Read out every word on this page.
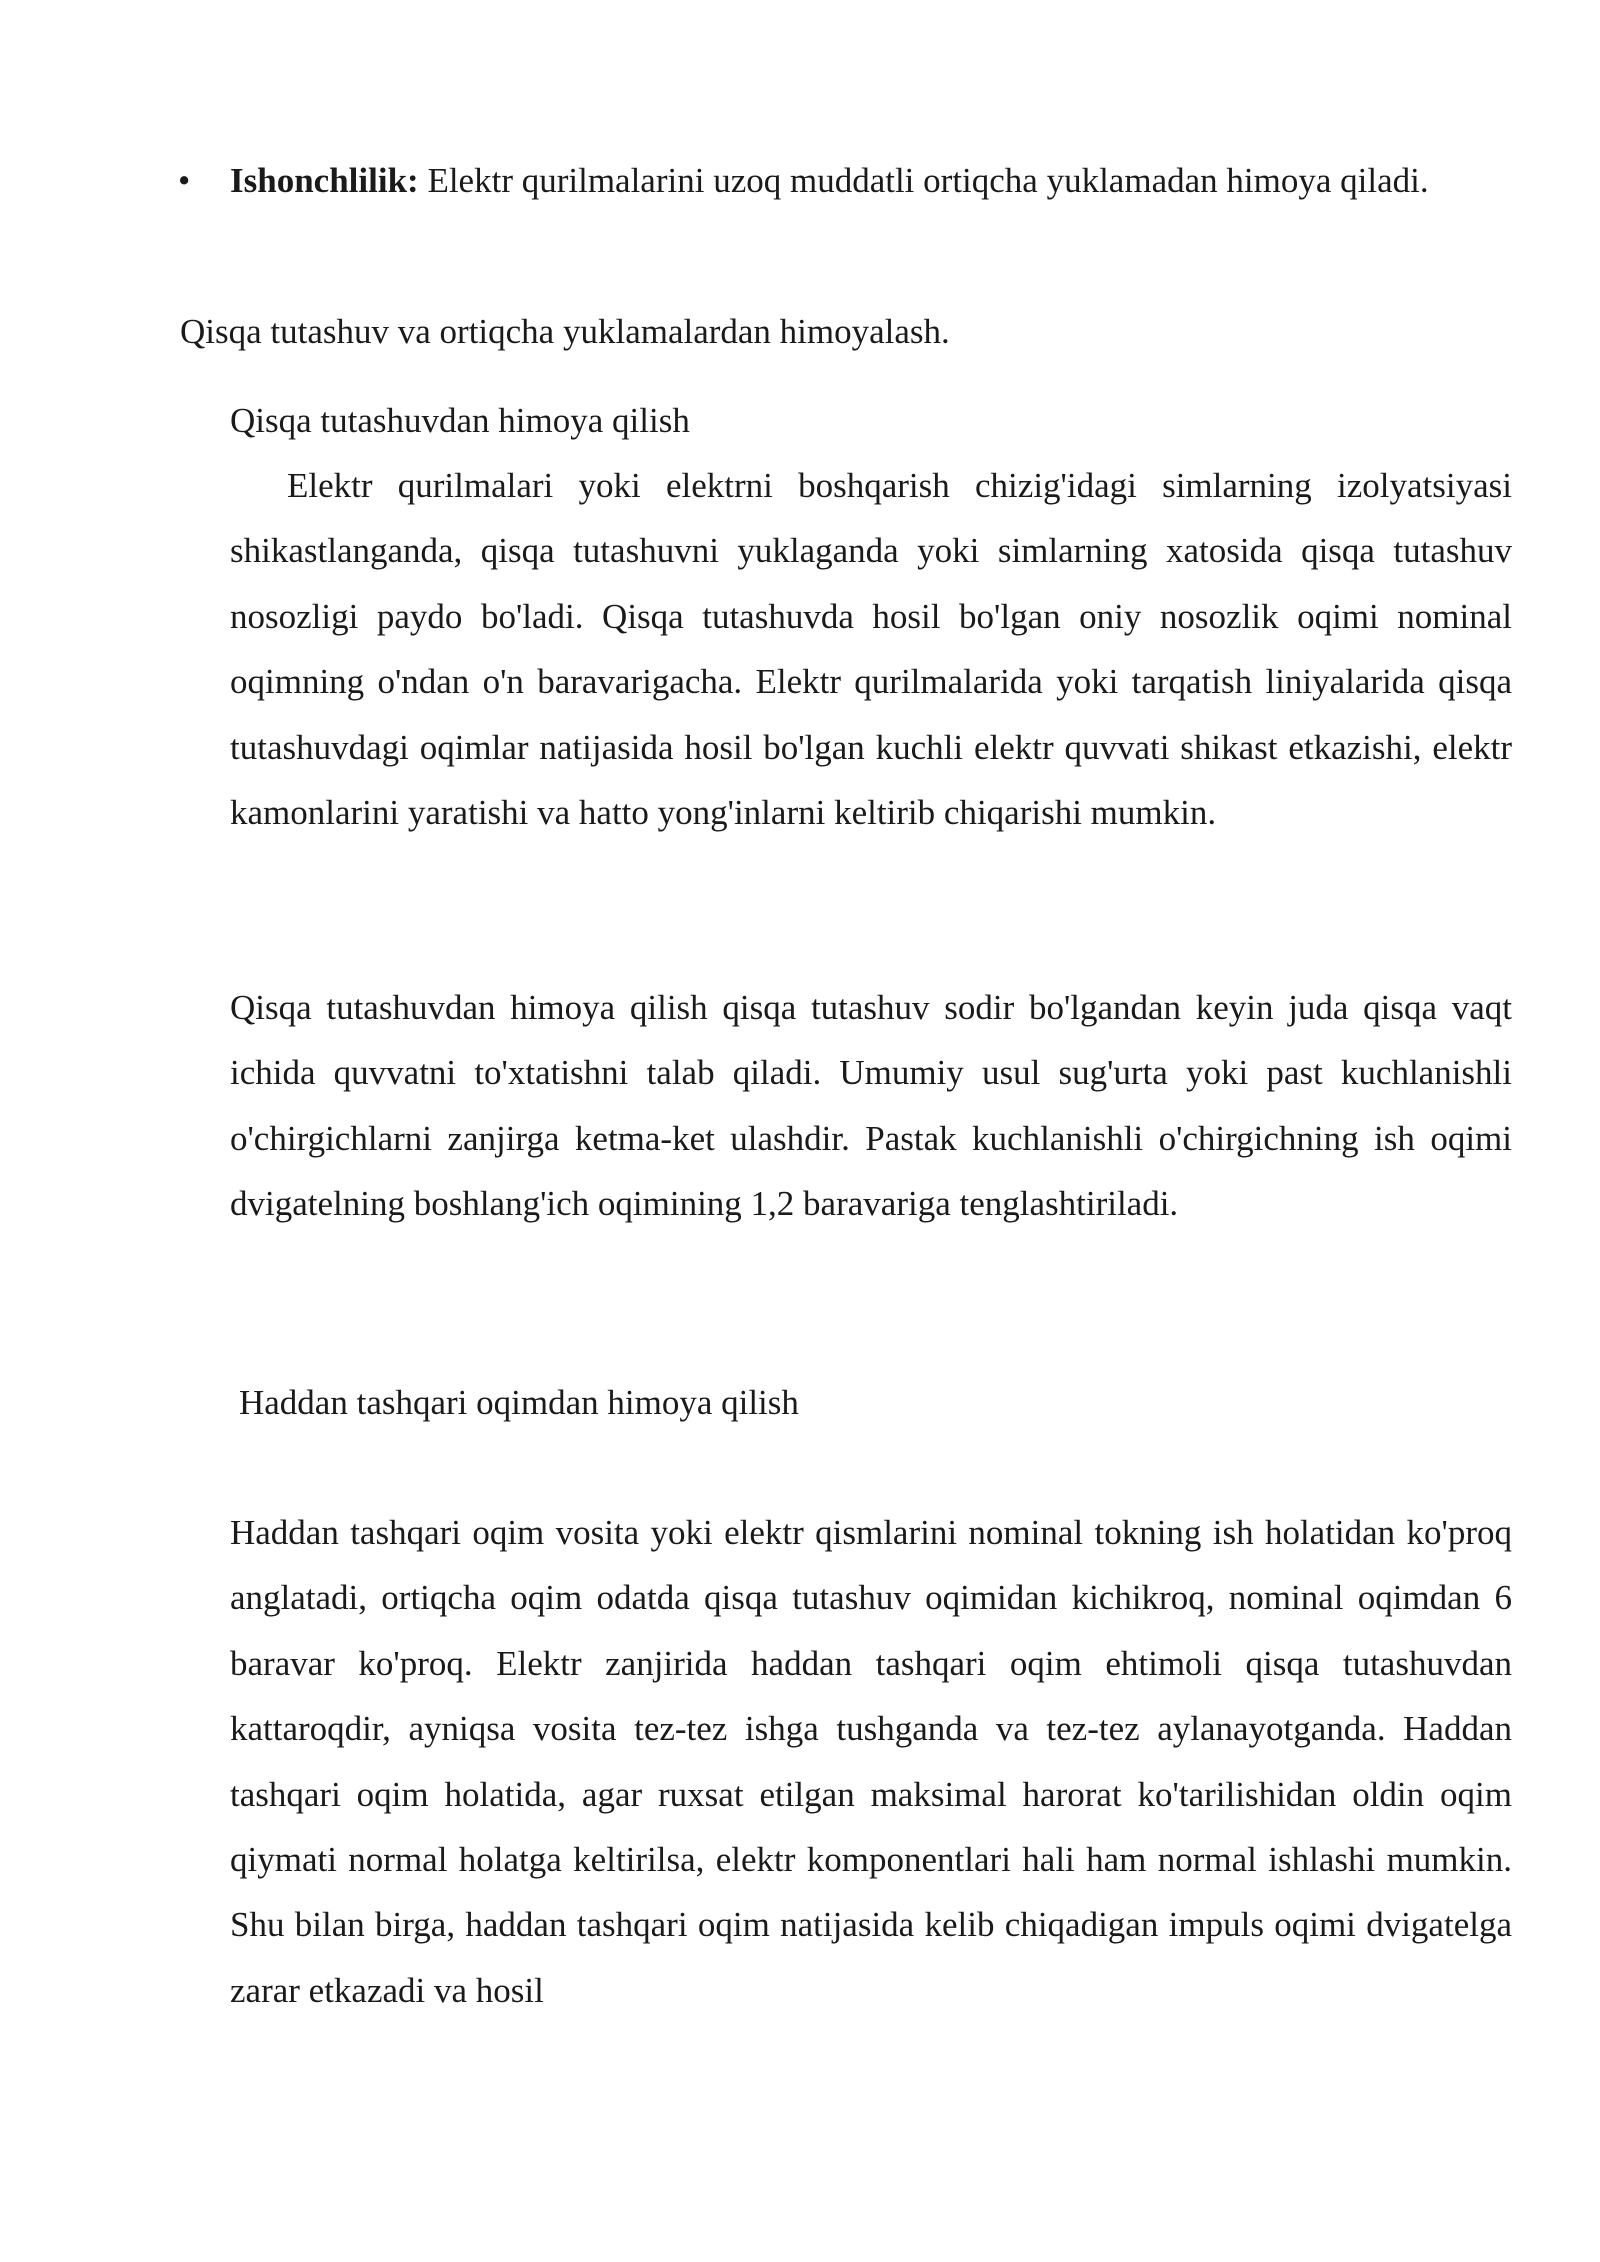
• Ishonchlilik: Elektr qurilmalarini uzoq muddatli ortiqcha yuklamadan himoya qiladi.
Qisqa tutashuv va ortiqcha yuklamalardan himoyalash.
Qisqa tutashuvdan himoya qilish

Elektr qurilmalari yoki elektrni boshqarish chizig'idagi simlarning izolyatsiyasi shikastlanganda, qisqa tutashuvni yuklaganda yoki simlarning xatosida qisqa tutashuv nosozligi paydo bo'ladi. Qisqa tutashuvda hosil bo'lgan oniy nosozlik oqimi nominal oqimning o'ndan o'n baravarigacha. Elektr qurilmalarida yoki tarqatish liniyalarida qisqa tutashuvdagi oqimlar natijasida hosil bo'lgan kuchli elektr quvvati shikast etkazishi, elektr kamonlarini yaratishi va hatto yong'inlarni keltirib chiqarishi mumkin.

Qisqa tutashuvdan himoya qilish qisqa tutashuv sodir bo'lgandan keyin juda qisqa vaqt ichida quvvatni to'xtatishni talab qiladi. Umumiy usul sug'urta yoki past kuchlanishli o'chirgichlarni zanjirga ketma-ket ulashdir. Pastak kuchlanishli o'chirgichning ish oqimi dvigatelning boshlang'ich oqimining 1,2 baravariga tenglashtiriladi.

Haddan tashqari oqimdan himoya qilish

Haddan tashqari oqim vosita yoki elektr qismlarini nominal tokning ish holatidan ko'proq anglatadi, ortiqcha oqim odatda qisqa tutashuv oqimidan kichikroq, nominal oqimdan 6 baravar ko'proq. Elektr zanjirida haddan tashqari oqim ehtimoli qisqa tutashuvdan kattaroqdir, ayniqsa vosita tez-tez ishga tushganda va tez-tez aylanayotganda. Haddan tashqari oqim holatida, agar ruxsat etilgan maksimal harorat ko'tarilishidan oldin oqim qiymati normal holatga keltirilsa, elektr komponentlari hali ham normal ishlashi mumkin. Shu bilan birga, haddan tashqari oqim natijasida kelib chiqadigan impuls oqimi dvigatelga zarar etkazadi va hosil
